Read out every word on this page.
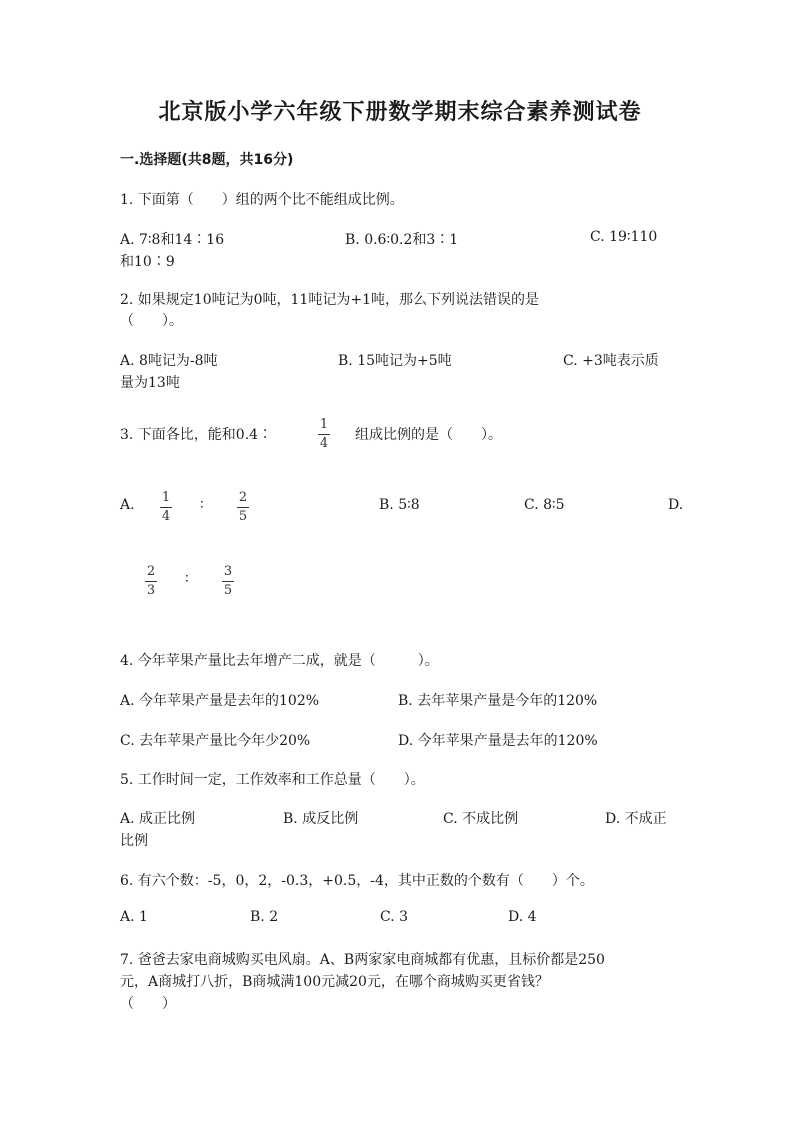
北京版小学六年级下册数学期末综合素养测试卷
一.选择题(共8题，共16分)
1. 下面第（　　）组的两个比不能组成比例。
A. 7∶8和14∶16	B. 0.6∶0.2和3∶1	C. 19∶110
和10∶9
2. 如果规定10吨记为0吨，11吨记为+1吨，那么下列说法错误的是
（　　）。
A. 8吨记为-8吨	B. 15吨记为+5吨	C. +3吨表示质
量为13吨
3. 下面各比，能和0.4∶
1
4
组成比例的是（　　）。
A. 1
4
∶	2
5
B. 5∶8	C. 8∶5	D.
2
3
∶	3
5
4. 今年苹果产量比去年增产二成，就是（　　　）。
A. 今年苹果产量是去年的102%	B. 去年苹果产量是今年的120%
C. 去年苹果产量比今年少20%	D. 今年苹果产量是去年的120%
5. 工作时间一定，工作效率和工作总量（　　）。
A. 成正比例	B. 成反比例	C. 不成比例	D. 不成正
比例
6. 有六个数：-5，0，2，-0.3，+0.5，-4，其中正数的个数有（　　）个。
A. 1	B. 2	C. 3	D. 4
7. 爸爸去家电商城购买电风扇。A、B两家家电商城都有优惠，且标价都是250
元，A商城打八折，B商城满100元减20元，在哪个商城购买更省钱？
（　　）
